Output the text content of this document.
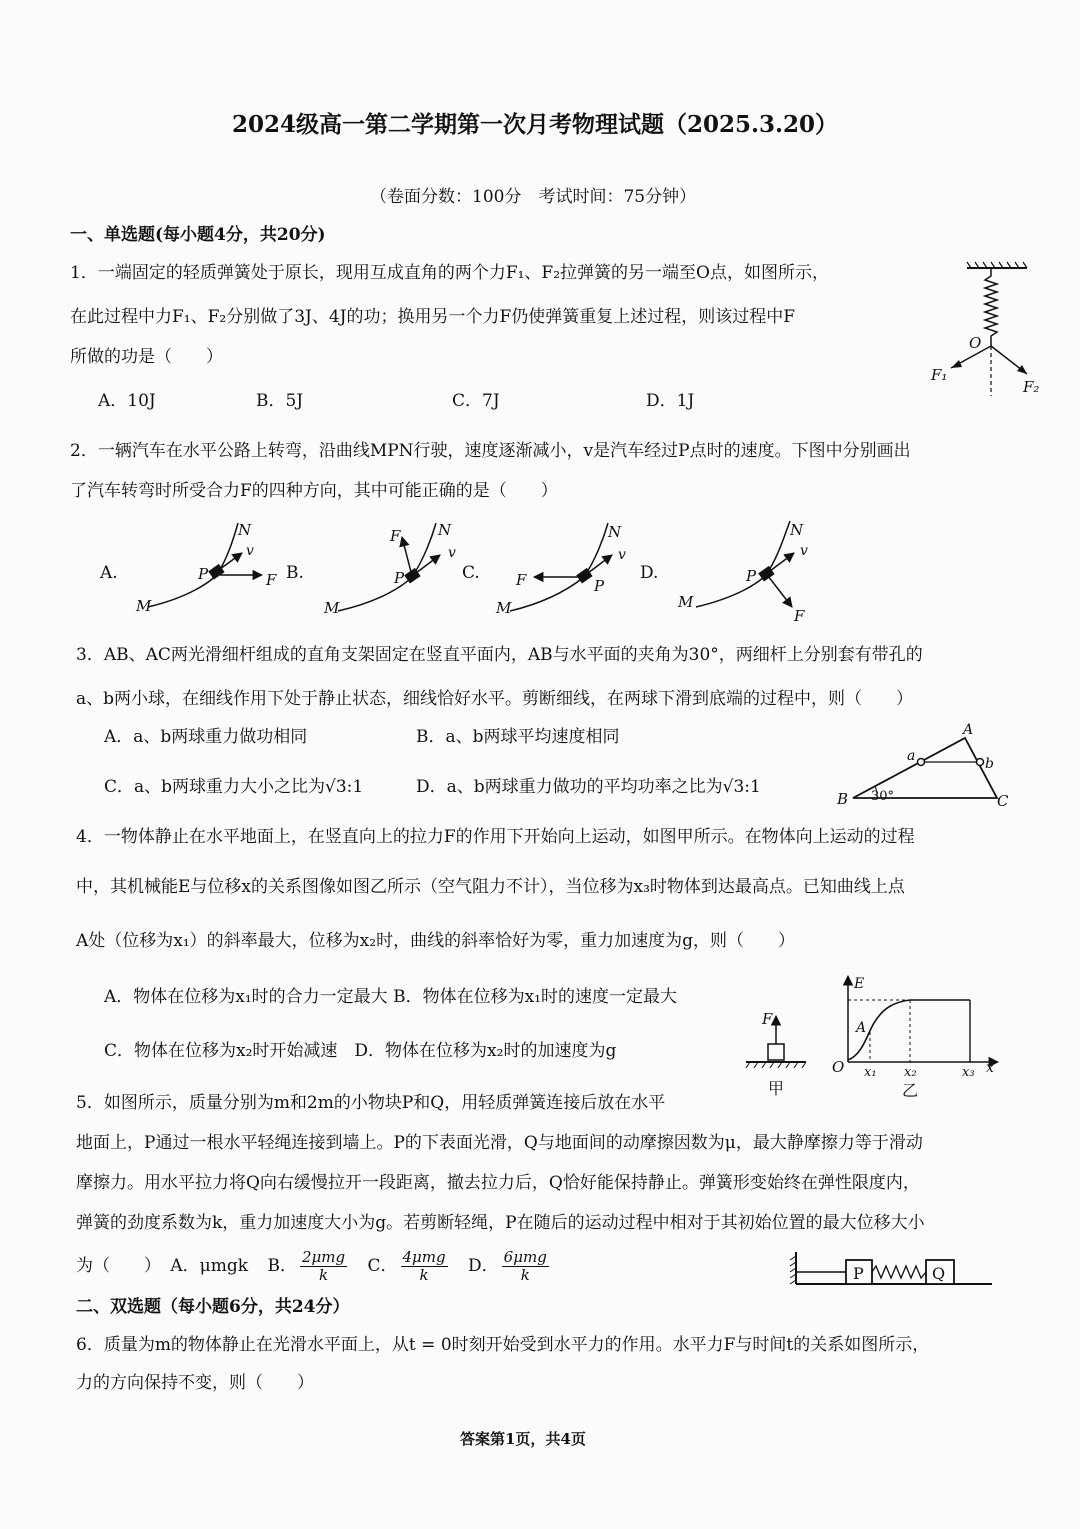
2024级高一第二学期第一次月考物理试题（2025.3.20）
（卷面分数：100分　考试时间：75分钟）
一、单选题(每小题4分，共20分)
1．一端固定的轻质弹簧处于原长，现用互成直角的两个力F₁、F₂拉弹簧的另一端至O点，如图所示，
在此过程中力F₁、F₂分别做了3J、4J的功；换用另一个力F仍使弹簧重复上述过程，则该过程中F
所做的功是（　　）
A．10J	B．5J	C．7J	D．1J
O
F₁
F₂
2．一辆汽车在水平公路上转弯，沿曲线MPN行驶，速度逐渐减小，v是汽车经过P点时的速度。下图中分别画出
了汽车转弯时所受合力F的四种方向，其中可能正确的是（　　）
A.
N
v
P	F
M
B.
F	N
v
P
M
C. F
N
v
P
M
D.
N
v
P
F
M
3．AB、AC两光滑细杆组成的直角支架固定在竖直平面内，AB与水平面的夹角为30°，两细杆上分别套有带孔的
a、b两小球，在细线作用下处于静止状态，细线恰好水平。剪断细线，在两球下滑到底端的过程中，则（　　）
A．a、b两球重力做功相同	B．a、b两球平均速度相同
C．a、b两球重力大小之比为√3:1	D．a、b两球重力做功的平均功率之比为√3:1
A
B	C
a	b
30°
4．一物体静止在水平地面上，在竖直向上的拉力F的作用下开始向上运动，如图甲所示。在物体向上运动的过程
中，其机械能E与位移x的关系图像如图乙所示（空气阻力不计），当位移为x₃时物体到达最高点。已知曲线上点
A处（位移为x₁）的斜率最大，位移为x₂时，曲线的斜率恰好为零，重力加速度为g，则（　　）
A．物体在位移为x₁时的合力一定最大 B．物体在位移为x₁时的速度一定最大
C．物体在位移为x₂时开始减速　D．物体在位移为x₂时的加速度为g
F
甲
E
O
A
x₁ x₂	x₃ x
乙
5．如图所示，质量分别为m和2m的小物块P和Q，用轻质弹簧连接后放在水平
地面上，P通过一根水平轻绳连接到墙上。P的下表面光滑，Q与地面间的动摩擦因数为μ，最大静摩擦力等于滑动
摩擦力。用水平拉力将Q向右缓慢拉开一段距离，撤去拉力后，Q恰好能保持静止。弹簧形变始终在弹性限度内，
弹簧的劲度系数为k，重力加速度大小为g。若剪断轻绳，P在随后的运动过程中相对于其初始位置的最大位移大小
为（　　） A．μmgk B． $\frac{\text{2μmg}}{k}$ C． $\frac{\text{4μmg}}{k}$ D． $\frac{\text{6μmg}}{k}$	P	Q
二、双选题（每小题6分，共24分）
6．质量为m的物体静止在光滑水平面上，从t = 0时刻开始受到水平力的作用。水平力F与时间t的关系如图所示，
力的方向保持不变，则（　　）
答案第1页，共4页
